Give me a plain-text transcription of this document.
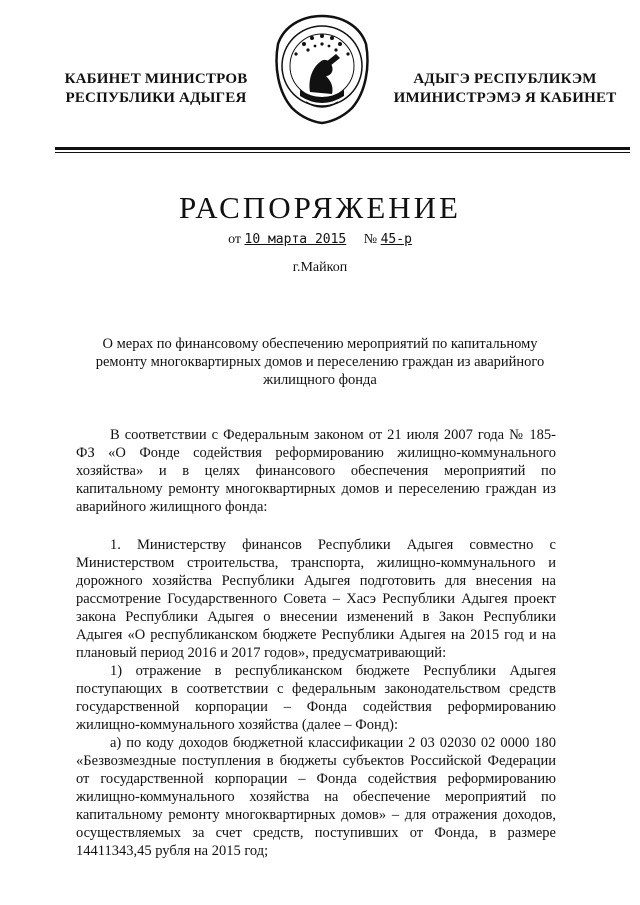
КАБИНЕТ МИНИСТРОВ
РЕСПУБЛИКИ АДЫГЕЯ
АДЫГЭ РЕСПУБЛИКЭМ
ИМИНИСТРЭМЭ Я КАБИНЕТ
РАСПОРЯЖЕНИЕ
от 10 марта 2015 № 45-р
г.Майкоп
О мерах по финансовому обеспечению мероприятий по капитальному
ремонту многоквартирных домов и переселению граждан из аварийного
жилищного фонда

В соответствии с Федеральным законом от 21 июля 2007 года № 185-ФЗ «О Фонде содействия реформированию жилищно-коммунального хозяйства» и в целях финансового обеспечения мероприятий по капитальному ремонту многоквартирных домов и переселению граждан из аварийного жилищного фонда:

1. Министерству финансов Республики Адыгея совместно с Министерством строительства, транспорта, жилищно-коммунального и дорожного хозяйства Республики Адыгея подготовить для внесения на рассмотрение Государственного Совета – Хасэ Республики Адыгея проект закона Республики Адыгея о внесении изменений в Закон Республики Адыгея «О республиканском бюджете Республики Адыгея на 2015 год и на плановый период 2016 и 2017 годов», предусматривающий:

1) отражение в республиканском бюджете Республики Адыгея поступающих в соответствии с федеральным законодательством средств государственной корпорации – Фонда содействия реформированию жилищно-коммунального хозяйства (далее – Фонд):

а) по коду доходов бюджетной классификации 2 03 02030 02 0000 180 «Безвозмездные поступления в бюджеты субъектов Российской Федерации от государственной корпорации – Фонда содействия реформированию жилищно-коммунального хозяйства на обеспечение мероприятий по капитальному ремонту многоквартирных домов» – для отражения доходов, осуществляемых за счет средств, поступивших от Фонда, в размере 14411343,45 рубля на 2015 год;
